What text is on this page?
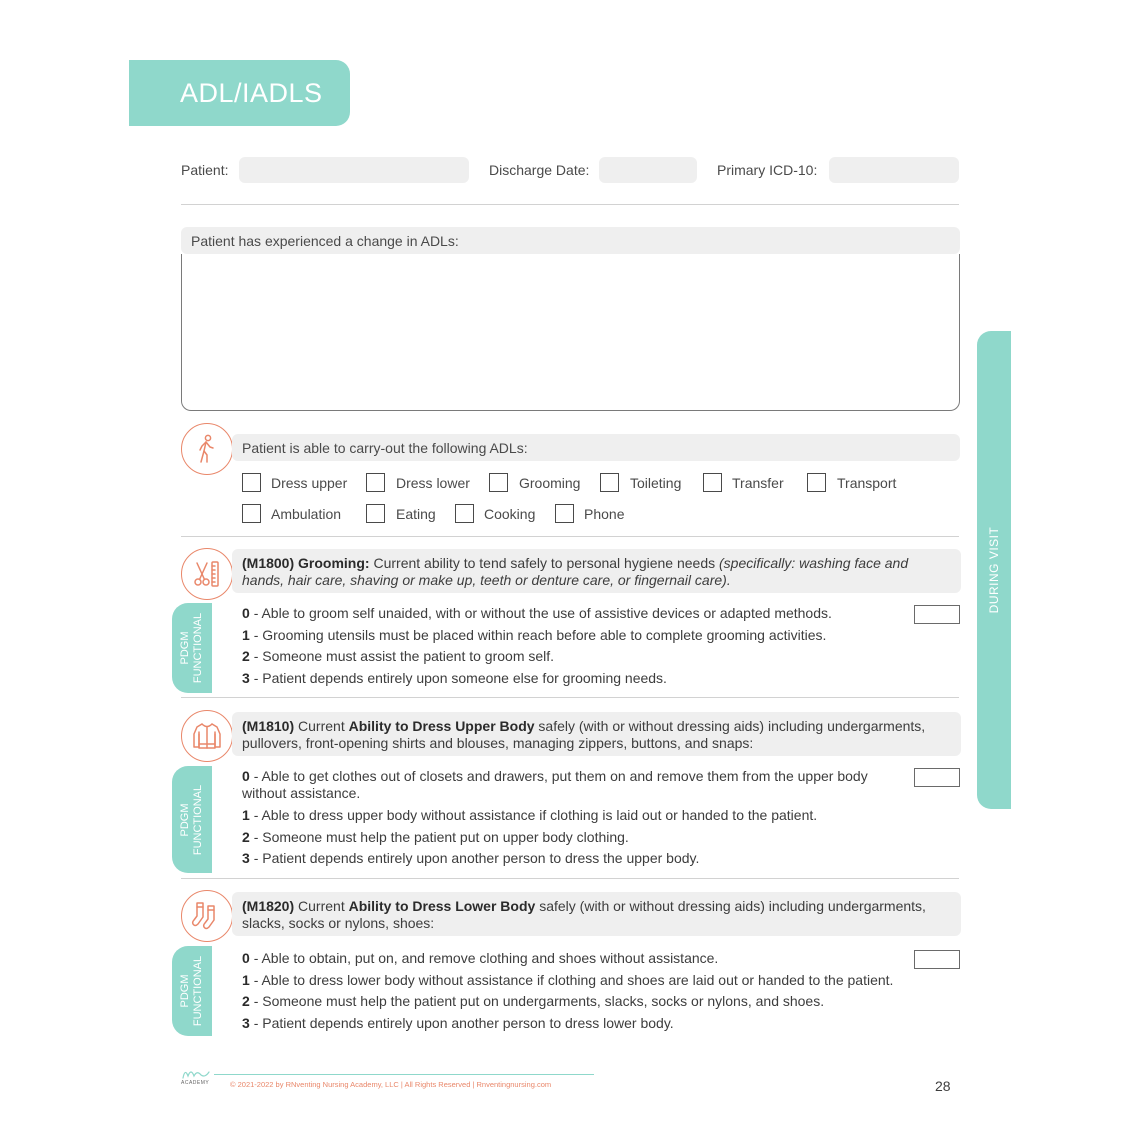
ADL/IADLS
Patient:	Discharge Date:	Primary ICD-10:
Patient has experienced a change in ADLs:
Patient is able to carry-out the following ADLs:
Dress upper	Dress lower	Grooming	Toileting	Transfer	Transport
Ambulation	Eating	Cooking	Phone
DURING VISIT
(M1800) Grooming: Current ability to tend safely to personal hygiene needs (specifically: washing face and hands, hair care, shaving or make up, teeth or denture care, or fingernail care).
PDGM FUNCTIONAL	0 - Able to groom self unaided, with or without the use of assistive devices or adapted methods.
1 - Grooming utensils must be placed within reach before able to complete grooming activities.
2 - Someone must assist the patient to groom self.
3 - Patient depends entirely upon someone else for grooming needs.
(M1810) Current Ability to Dress Upper Body safely (with or without dressing aids) including undergarments, pullovers, front-opening shirts and blouses, managing zippers, buttons, and snaps:
PDGM FUNCTIONAL
0 - Able to get clothes out of closets and drawers, put them on and remove them from the upper body without assistance.
1 - Able to dress upper body without assistance if clothing is laid out or handed to the patient.
2 - Someone must help the patient put on upper body clothing.
3 - Patient depends entirely upon another person to dress the upper body.
(M1820) Current Ability to Dress Lower Body safely (with or without dressing aids) including undergarments, slacks, socks or nylons, shoes:
PDGM FUNCTIONAL	0 - Able to obtain, put on, and remove clothing and shoes without assistance.
1 - Able to dress lower body without assistance if clothing and shoes are laid out or handed to the patient.
2 - Someone must help the patient put on undergarments, slacks, socks or nylons, and shoes.
3 - Patient depends entirely upon another person to dress lower body.
ACADEMY	© 2021-2022 by RNventing Nursing Academy, LLC | All Rights Reserved | Rnventingnursing.com	28
